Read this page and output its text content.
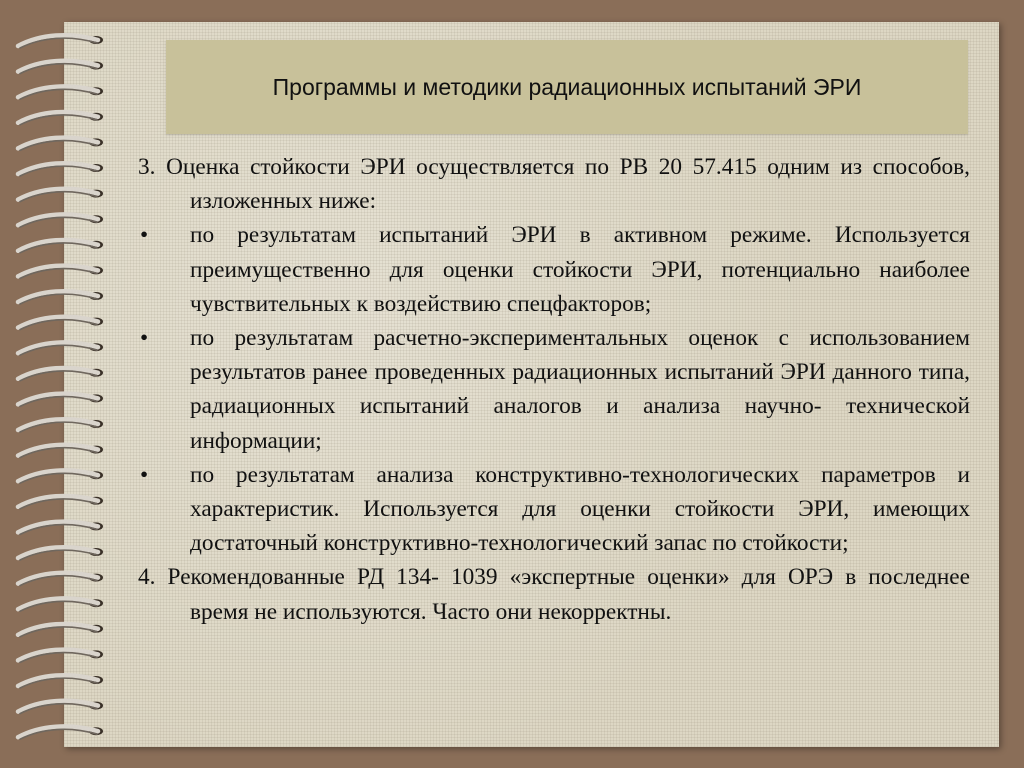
Программы и методики радиационных испытаний ЭРИ
3. Оценка стойкости ЭРИ осуществляется по РВ 20 57.415 одним из способов, изложенных ниже:
• по результатам испытаний ЭРИ в активном режиме. Используется преимущественно для оценки стойкости ЭРИ, потенциально наиболее чувствительных к воздействию спецфакторов;
• по результатам расчетно-экспериментальных оценок с использованием результатов ранее проведенных радиационных испытаний ЭРИ данного типа, радиационных испытаний аналогов и анализа научно- технической информации;
• по результатам анализа конструктивно-технологических параметров и характеристик. Используется для оценки стойкости ЭРИ, имеющих достаточный конструктивно-технологический запас по стойкости;
4. Рекомендованные РД 134- 1039 «экспертные оценки» для ОРЭ в последнее время не используются. Часто они некорректны.
